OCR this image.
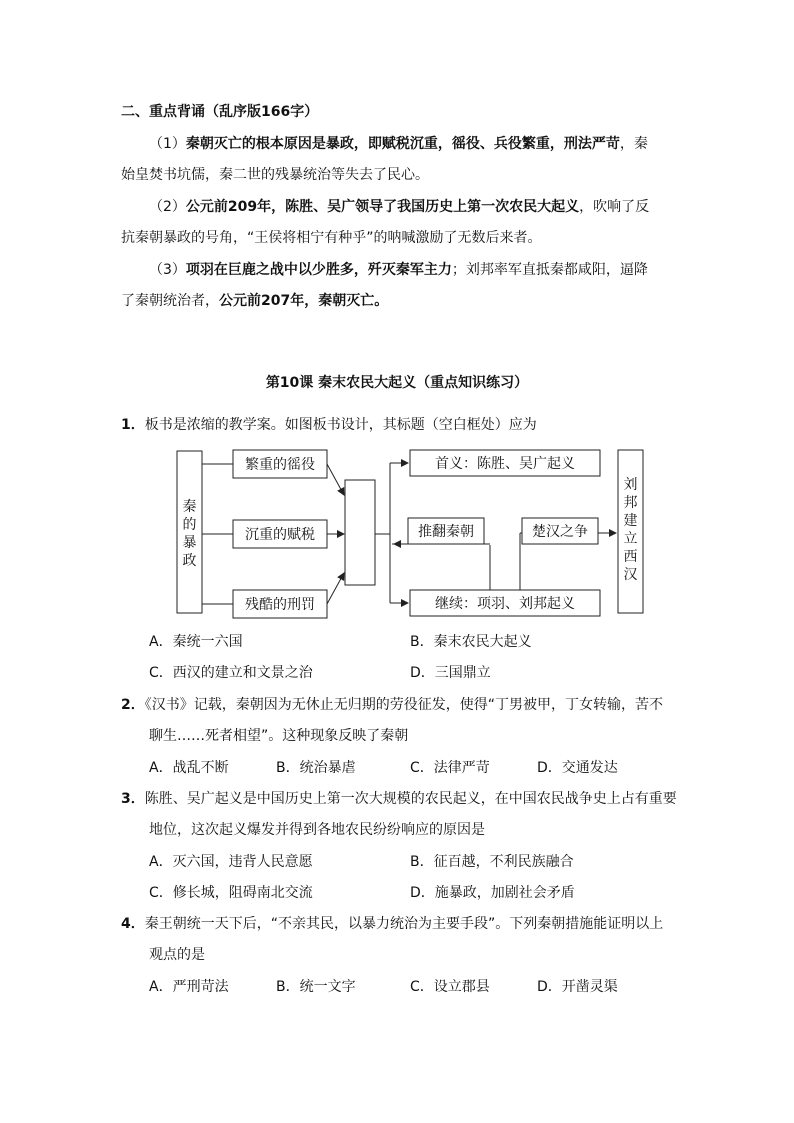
二、重点背诵（乱序版166字）
（1）秦朝灭亡的根本原因是暴政，即赋税沉重，徭役、兵役繁重，刑法严苛，秦
始皇焚书坑儒，秦二世的残暴统治等失去了民心。
（2）公元前209年，陈胜、吴广领导了我国历史上第一次农民大起义，吹响了反
抗秦朝暴政的号角，“王侯将相宁有种乎”的呐喊激励了无数后来者。
（3）项羽在巨鹿之战中以少胜多，歼灭秦军主力；刘邦率军直抵秦都咸阳，逼降
了秦朝统治者，公元前207年，秦朝灭亡。
第10课 秦末农民大起义（重点知识练习）
1．板书是浓缩的教学案。如图板书设计，其标题（空白框处）应为
秦
的
暴
政
繁重的徭役
沉重的赋税
残酷的刑罚
首义：陈胜、吴广起义
推翻秦朝	楚汉之争
继续：项羽、刘邦起义
刘
邦
建
立
西
汉
A．秦统一六国	B．秦末农民大起义
C．西汉的建立和文景之治	D．三国鼎立
2．《汉书》记载，秦朝因为无休止无归期的劳役征发，使得“丁男被甲，丁女转输，苦不
聊生……死者相望”。这种现象反映了秦朝
A．战乱不断	B．统治暴虐	C．法律严苛	D．交通发达
3．陈胜、吴广起义是中国历史上第一次大规模的农民起义，在中国农民战争史上占有重要
地位，这次起义爆发并得到各地农民纷纷响应的原因是
A．灭六国，违背人民意愿	B．征百越，不利民族融合
C．修长城，阻碍南北交流	D．施暴政，加剧社会矛盾
4．秦王朝统一天下后，“不亲其民，以暴力统治为主要手段”。下列秦朝措施能证明以上
观点的是
A．严刑苛法	B．统一文字	C．设立郡县	D．开凿灵渠
